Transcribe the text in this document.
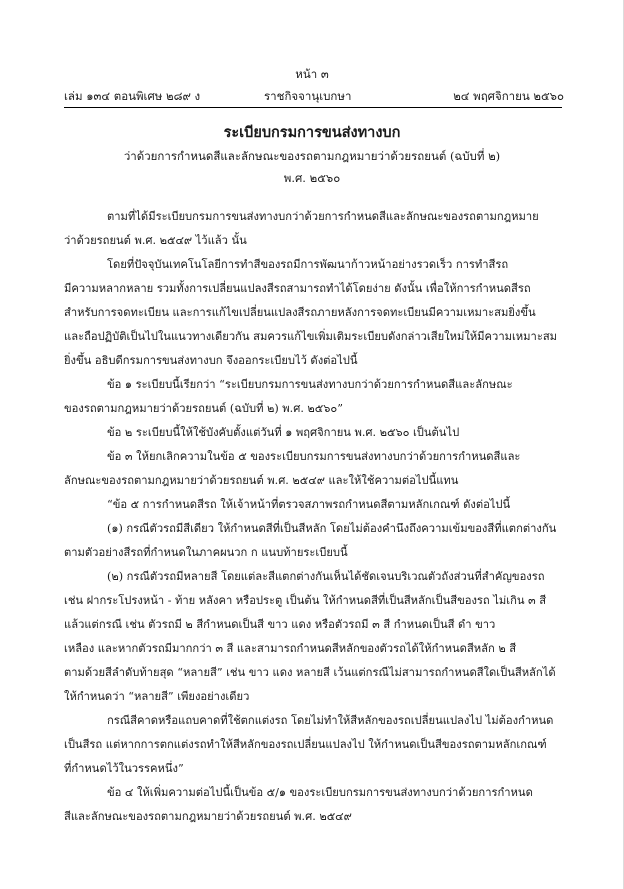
หน้า ๓
เล่ม ๑๓๔ ตอนพิเศษ ๒๘๙ ง	ราชกิจจานุเบกษา	๒๔ พฤศจิกายน ๒๕๖๐
ระเบียบกรมการขนส่งทางบก
ว่าด้วยการกำหนดสีและลักษณะของรถตามกฎหมายว่าด้วยรถยนต์ (ฉบับที่ ๒)
พ.ศ. ๒๕๖๐
ตามที่ได้มีระเบียบกรมการขนส่งทางบกว่าด้วยการกำหนดสีและลักษณะของรถตามกฎหมาย
ว่าด้วยรถยนต์ พ.ศ. ๒๕๔๙ ไว้แล้ว นั้น
โดยที่ปัจจุบันเทคโนโลยีการทำสีของรถมีการพัฒนาก้าวหน้าอย่างรวดเร็ว การทำสีรถ
มีความหลากหลาย รวมทั้งการเปลี่ยนแปลงสีรถสามารถทำได้โดยง่าย ดังนั้น เพื่อให้การกำหนดสีรถ
สำหรับการจดทะเบียน และการแก้ไขเปลี่ยนแปลงสีรถภายหลังการจดทะเบียนมีความเหมาะสมยิ่งขึ้น
และถือปฏิบัติเป็นไปในแนวทางเดียวกัน สมควรแก้ไขเพิ่มเติมระเบียบดังกล่าวเสียใหม่ให้มีความเหมาะสม
ยิ่งขึ้น อธิบดีกรมการขนส่งทางบก จึงออกระเบียบไว้ ดังต่อไปนี้
ข้อ ๑ ระเบียบนี้เรียกว่า “ระเบียบกรมการขนส่งทางบกว่าด้วยการกำหนดสีและลักษณะ
ของรถตามกฎหมายว่าด้วยรถยนต์ (ฉบับที่ ๒) พ.ศ. ๒๕๖๐”
ข้อ ๒ ระเบียบนี้ให้ใช้บังคับตั้งแต่วันที่ ๑ พฤศจิกายน พ.ศ. ๒๕๖๐ เป็นต้นไป
ข้อ ๓ ให้ยกเลิกความในข้อ ๕ ของระเบียบกรมการขนส่งทางบกว่าด้วยการกำหนดสีและ
ลักษณะของรถตามกฎหมายว่าด้วยรถยนต์ พ.ศ. ๒๕๔๙ และให้ใช้ความต่อไปนี้แทน
“ข้อ ๕ การกำหนดสีรถ ให้เจ้าหน้าที่ตรวจสภาพรถกำหนดสีตามหลักเกณฑ์ ดังต่อไปนี้
(๑) กรณีตัวรถมีสีเดียว ให้กำหนดสีที่เป็นสีหลัก โดยไม่ต้องคำนึงถึงความเข้มของสีที่แตกต่างกัน
ตามตัวอย่างสีรถที่กำหนดในภาคผนวก ก แนบท้ายระเบียบนี้
(๒) กรณีตัวรถมีหลายสี โดยแต่ละสีแตกต่างกันเห็นได้ชัดเจนบริเวณตัวถังส่วนที่สำคัญของรถ
เช่น ฝากระโปรงหน้า - ท้าย หลังคา หรือประตู เป็นต้น ให้กำหนดสีที่เป็นสีหลักเป็นสีของรถ ไม่เกิน ๓ สี
แล้วแต่กรณี เช่น ตัวรถมี ๒ สีกำหนดเป็นสี ขาว แดง หรือตัวรถมี ๓ สี กำหนดเป็นสี ดำ ขาว
เหลือง และหากตัวรถมีมากกว่า ๓ สี และสามารถกำหนดสีหลักของตัวรถได้ให้กำหนดสีหลัก ๒ สี
ตามด้วยสีลำดับท้ายสุด “หลายสี” เช่น ขาว แดง หลายสี เว้นแต่กรณีไม่สามารถกำหนดสีใดเป็นสีหลักได้
ให้กำหนดว่า “หลายสี” เพียงอย่างเดียว
กรณีสีคาดหรือแถบคาดที่ใช้ตกแต่งรถ โดยไม่ทำให้สีหลักของรถเปลี่ยนแปลงไป ไม่ต้องกำหนด
เป็นสีรถ แต่หากการตกแต่งรถทำให้สีหลักของรถเปลี่ยนแปลงไป ให้กำหนดเป็นสีของรถตามหลักเกณฑ์
ที่กำหนดไว้ในวรรคหนึ่ง”
ข้อ ๔ ให้เพิ่มความต่อไปนี้เป็นข้อ ๕/๑ ของระเบียบกรมการขนส่งทางบกว่าด้วยการกำหนด
สีและลักษณะของรถตามกฎหมายว่าด้วยรถยนต์ พ.ศ. ๒๕๔๙
